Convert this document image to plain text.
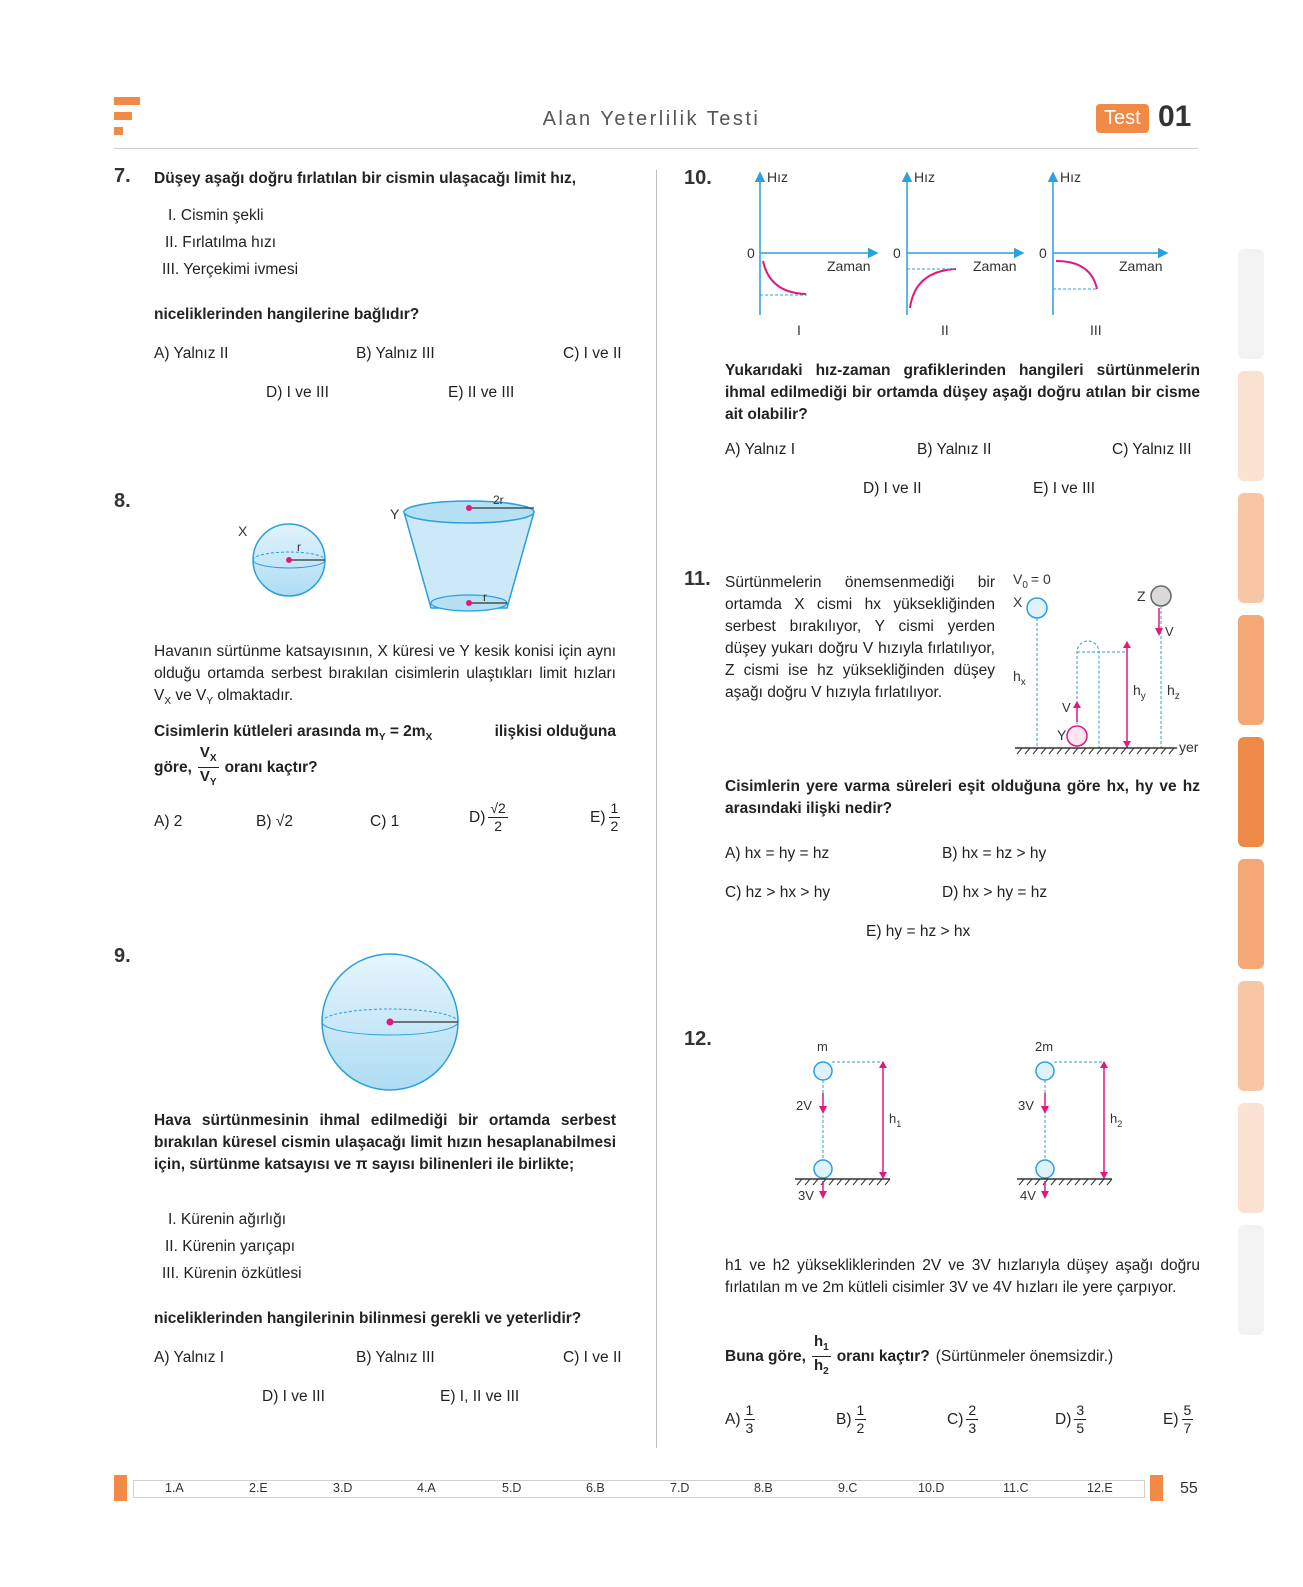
Alan Yeterlilik Testi	Test 01
7. Düşey aşağı doğru fırlatılan bir cismin ulaşacağı limit hız,
I. Cismin şekli
II. Fırlatılma hızı
III. Yerçekimi ivmesi
niceliklerinden hangilerine bağlıdır?
A) Yalnız II	B) Yalnız III	C) I ve II
D) I ve III	E) II ve III
8.
X
r
Y
2r
r
Havanın sürtünme katsayısının, X küresi ve Y kesik konisi için aynı olduğu ortamda serbest bırakılan cisimlerin ulaştıkları limit hızları $V_X$ ve $V_Y$ olmaktadır.
Cisimlerin kütleleri arasında $m_Y = 2m_X$	ilişkisi olduğuna
göre, $\frac{V_X}{V_Y}$ oranı kaçtır?
A) 2	B) √2	C) 1	$D) \frac{√2}{2}$	$E) \frac{1}{2}$
9.
Hava sürtünmesinin ihmal edilmediği bir ortamda serbest bırakılan küresel cismin ulaşacağı limit hızın hesaplanabilmesi için, sürtünme katsayısı ve π sayısı bilinenleri ile birlikte;
I. Kürenin ağırlığı
II. Kürenin yarıçapı
III. Kürenin özkütlesi
niceliklerinden hangilerinin bilinmesi gerekli ve yeterlidir?
A) Yalnız I	B) Yalnız III	C) I ve II
D) I ve III	E) I, II ve III
10.	Hız
0
Zaman
I
Hız
0
Zaman
II
Hız
0
Zaman
III
Yukarıdaki hız-zaman grafiklerinden hangileri sürtünmelerin ihmal edilmediği bir ortamda düşey aşağı doğru atılan bir cisme ait olabilir?
A) Yalnız I	B) Yalnız II	C) Yalnız III
D) I ve II	E) I ve III
11. Sürtünmelerin önemsenmediği bir ortamda X cismi hx yüksekliğinden serbest bırakılıyor, Y cismi yerden düşey yukarı doğru V hızıyla fırlatılıyor, Z cismi ise hz yüksekliğinden düşey aşağı doğru V hızıyla fırlatılıyor.
$V_0 = 0$
X
$h_x$
V
Y
$h_y$
Z
V
$h_z$
yer
Cisimlerin yere varma süreleri eşit olduğuna göre hx, hy ve hz arasındaki ilişki nedir?
A) hx = hy = hz	B) hx = hz > hy
C) hz > hx > hy	D) hx > hy = hz
E) hy = hz > hx
12.	m
2V
$h_1$
3V
2m
3V
$h_2$
4V
h1 ve h2 yüksekliklerinden 2V ve 3V hızlarıyla düşey aşağı doğru fırlatılan m ve 2m kütleli cisimler 3V ve 4V hızları ile yere çarpıyor.
Buna göre, $\frac{h_1}{h_2}$ oranı kaçtır? (Sürtünmeler önemsizdir.)
$A) \frac{1}{3}$	$B) \frac{1}{2}$	$C) \frac{2}{3}$	$D) \frac{3}{5}$	$E) \frac{5}{7}$
1.A	2.E	3.D	4.A	5.D	6.B	7.D	8.B	9.C	10.D	11.C	12.E	55
